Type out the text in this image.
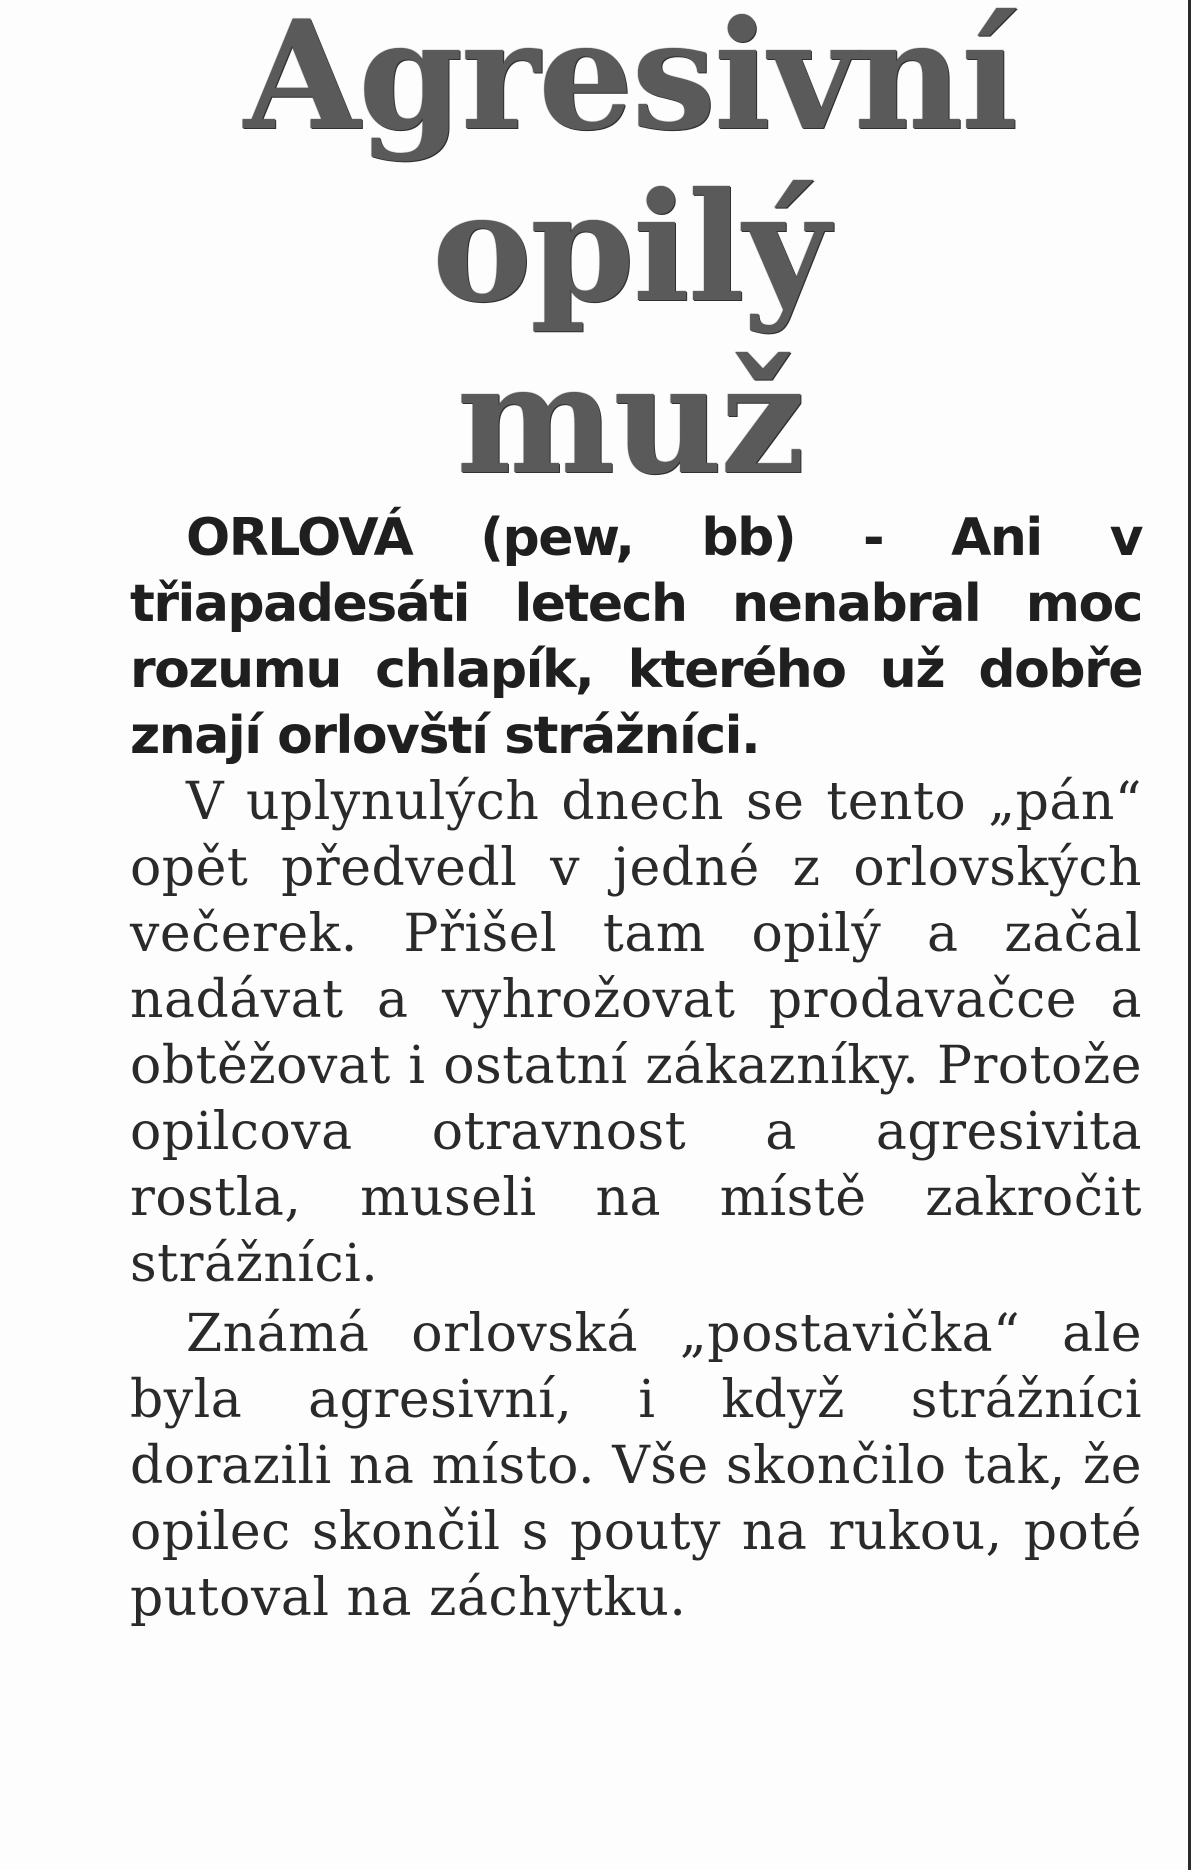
Agresivní
opilý
muž

ORLOVÁ (pew, bb) - Ani v třiapadesáti letech nenabral moc rozumu chlapík, kterého už dobře znají orlovští strážníci.

V uplynulých dnech se tento „pán“ opět předvedl v jedné z orlovských večerek. Přišel tam opilý a začal nadávat a vyhrožovat prodavačce a obtěžovat i ostatní zákazníky. Protože opilcova otravnost a agresivita rostla, museli na místě zakročit strážníci.

Známá orlovská „postavička“ ale byla agresivní, i když strážníci dorazili na místo. Vše skončilo tak, že opilec skončil s pouty na rukou, poté putoval na záchytku.
